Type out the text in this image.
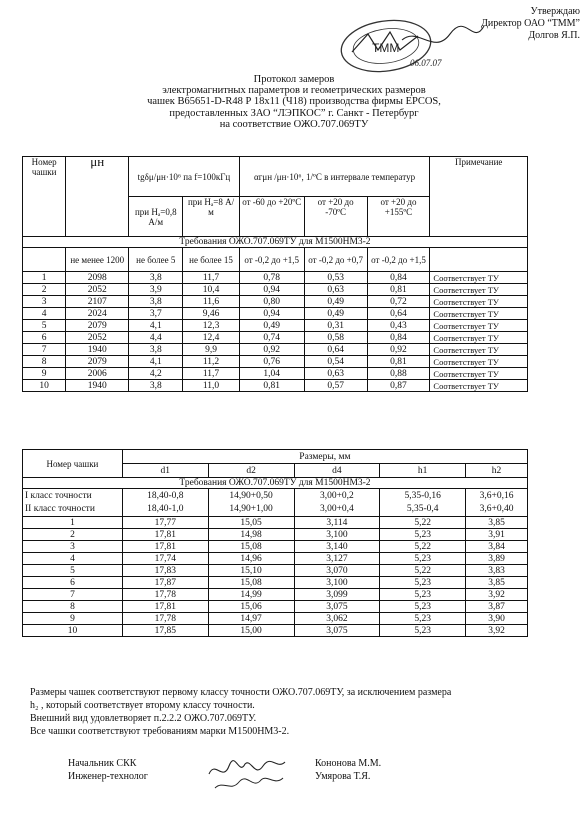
Утверждаю
Директор ОАО “ТММ”
Долгов Я.П.
ТММ
06.07.07
Протокол замеров
электромагнитных параметров и геометрических размеров
чашек В65651-D-R48 Р 18х11 (Ч18) производства фирмы EPCOS,
предоставленных ЗАО “ЛЭПКОС” г. Санкт - Петербург
на соответствие ОЖО.707.069ТУ
Номер чашки	μн	tgδμ/μн·10⁶ па f=100кГц		αгμн /μн·10⁶, 1/ºС в интервале температур			Примечание
		при Hₐ=0,8 А/м	при Hₐ=8 А/м	от -60 до +20ºС	от +20 до -70ºС	от +20 до +155ºС	
Требования ОЖО.707.069ТУ для М1500НМ3-2							
	не менее 1200	не более 5	не более 15	от -0,2 до +1,5	от -0,2 до +0,7	от -0,2 до +1,5	
1	2098	3,8	11,7	0,78	0,53	0,84	Соответствует ТУ
2	2052	3,9	10,4	0,94	0,63	0,81	Соответствует ТУ
3	2107	3,8	11,6	0,80	0,49	0,72	Соответствует ТУ
4	2024	3,7	9,46	0,94	0,49	0,64	Соответствует ТУ
5	2079	4,1	12,3	0,49	0,31	0,43	Соответствует ТУ
6	2052	4,4	12,4	0,74	0,58	0,84	Соответствует ТУ
7	1940	3,8	9,9	0,92	0,64	0,92	Соответствует ТУ
8	2079	4,1	11,2	0,76	0,54	0,81	Соответствует ТУ
9	2006	4,2	11,7	1,04	0,63	0,88	Соответствует ТУ
10	1940	3,8	11,0	0,81	0,57	0,87	Соответствует ТУ
Номер чашки	Размеры, мм				
	d1	d2	d4	h1	h2
Требования ОЖО.707.069ТУ для М1500НМ3-2					
I класс точности	18,40-0,8	14,90+0,50	3,00+0,2	5,35-0,16	3,6+0,16
II класс точности	18,40-1,0	14,90+1,00	3,00+0,4	5,35-0,4	3,6+0,40
1	17,77	15,05	3,114	5,22	3,85
2	17,81	14,98	3,100	5,23	3,91
3	17,81	15,08	3,140	5,22	3,84
4	17,74	14,96	3,127	5,23	3,89
5	17,83	15,10	3,070	5,22	3,83
6	17,87	15,08	3,100	5,23	3,85
7	17,78	14,99	3,099	5,23	3,92
8	17,81	15,06	3,075	5,23	3,87
9	17,78	14,97	3,062	5,23	3,90
10	17,85	15,00	3,075	5,23	3,92
Размеры чашек соответствуют первому классу точности ОЖО.707.069ТУ, за исключением размера
h₂ , который соответствует второму классу точности.
Внешний вид удовлетворяет п.2.2.2 ОЖО.707.069ТУ.
Все чашки соответствуют требованиям марки М1500НМ3-2.
Начальник СКК
Инженер-технолог
Кононова М.М.
Умярова Т.Я.
